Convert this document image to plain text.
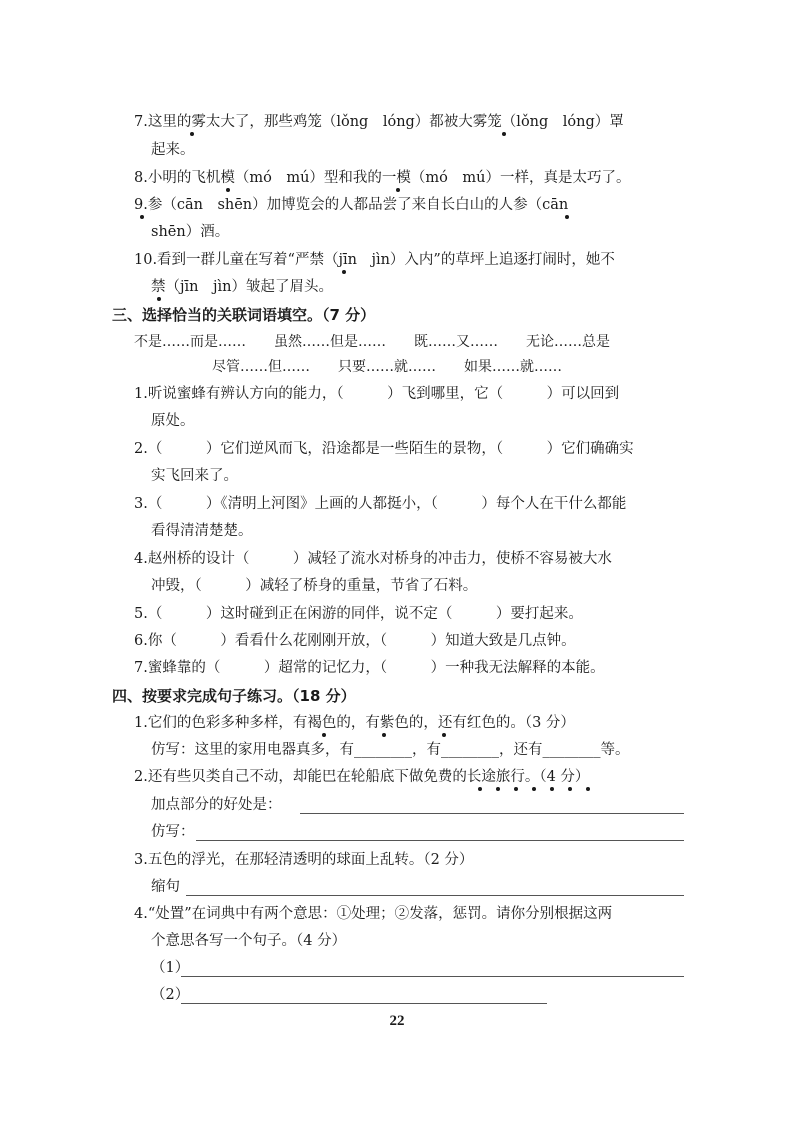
7.这里的雾太大了，那些鸡笼（lǒng　lóng）都被大雾笼（lǒng　lóng）罩
起来。
8.小明的飞机模（mó　mú）型和我的一模（mó　mú）一样，真是太巧了。
9.参（cān　shēn）加博览会的人都品尝了来自长白山的人参（cān
shēn）酒。
10.看到一群儿童在写着“严禁（jīn　jìn）入内”的草坪上追逐打闹时，她不
禁（jīn　jìn）皱起了眉头。
三、选择恰当的关联词语填空。（7 分）
不是……而是……　　虽然……但是……　　既……又……　　无论……总是
尽管……但……　　只要……就……　　如果……就……
1.听说蜜蜂有辨认方向的能力，（　　　）飞到哪里，它（　　　）可以回到
原处。
2.（　　　）它们逆风而飞，沿途都是一些陌生的景物，（　　　）它们确确实
实飞回来了。
3.（　　　）《清明上河图》上画的人都挺小，（　　　）每个人在干什么都能
看得清清楚楚。
4.赵州桥的设计（　　　）减轻了流水对桥身的冲击力，使桥不容易被大水
冲毁，（　　　）减轻了桥身的重量，节省了石料。
5.（　　　）这时碰到正在闲游的同伴，说不定（　　　）要打起来。
6.你（　　　）看看什么花刚刚开放，（　　　）知道大致是几点钟。
7.蜜蜂靠的（　　　）超常的记忆力，（　　　）一种我无法解释的本能。
四、按要求完成句子练习。（18 分）
1.它们的色彩多种多样，有褐色的，有紫色的，还有红色的。（3 分）
仿写：这里的家用电器真多，有________，有________，还有________等。
2.还有些贝类自己不动，却能巴在轮船底下做免费的长途旅行。（4 分）
加点部分的好处是：
仿写：
3.五色的浮光，在那轻清透明的球面上乱转。（2 分）
缩句
4.“处置”在词典中有两个意思：①处理；②发落，惩罚。请你分别根据这两
个意思各写一个句子。（4 分）
（1）
（2）
22
